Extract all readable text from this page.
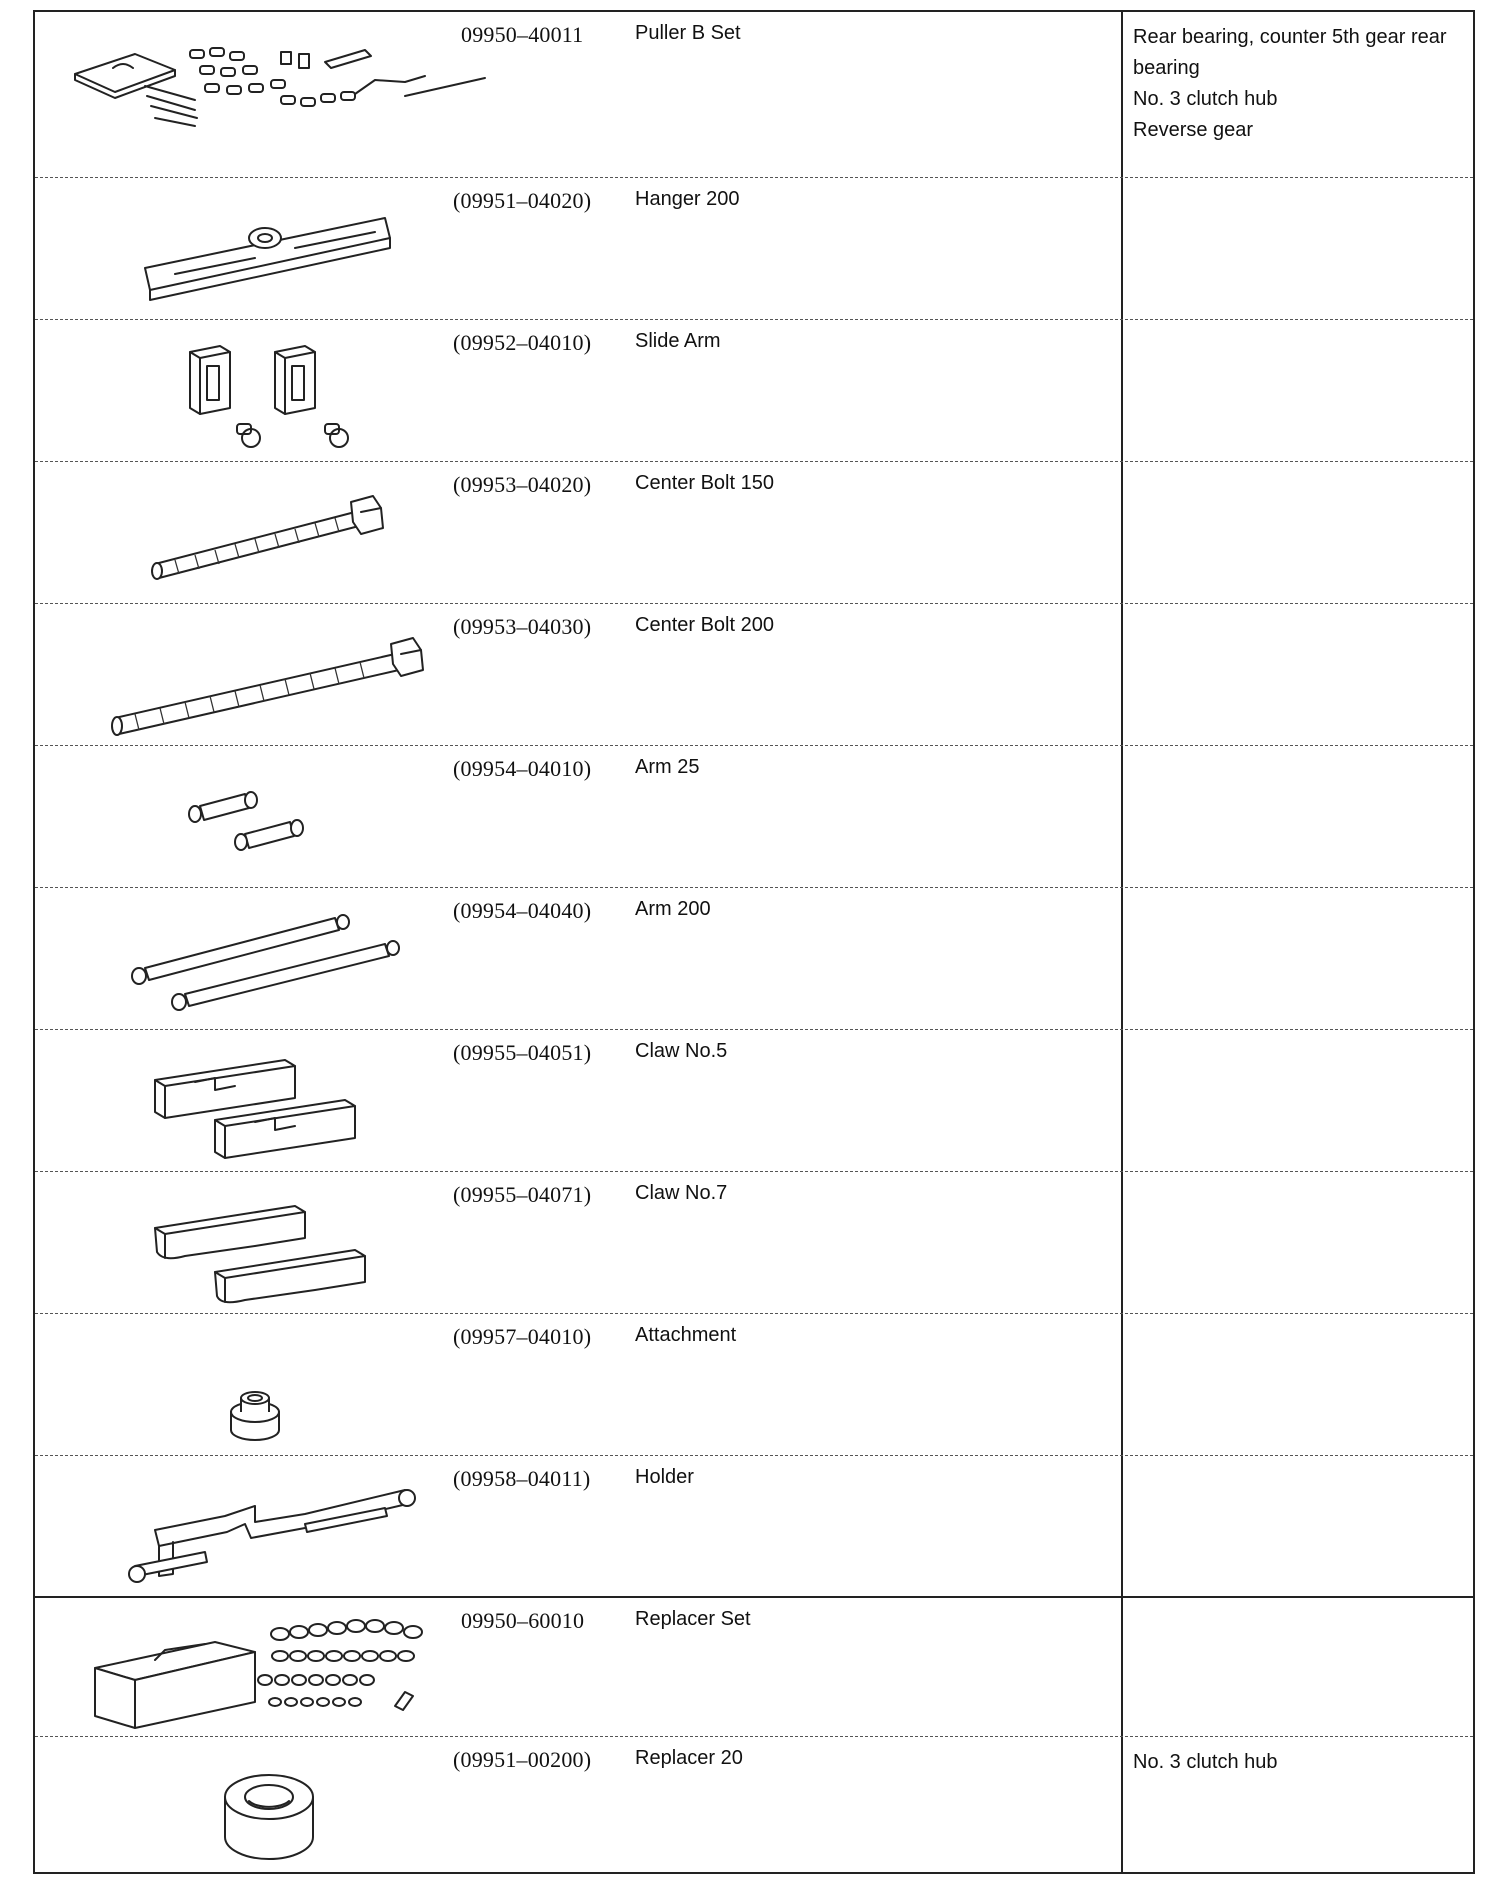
09950–40011	Puller B Set	Rear bearing, counter 5th gear rear bearing
No. 3 clutch hub
Reverse gear
(09951–04020) Hanger 200
(09952–04010) Slide Arm
(09953–04020) Center Bolt 150
(09953–04030) Center Bolt 200
(09954–04010) Arm 25
(09954–04040) Arm 200
(09955–04051) Claw No.5
(09955–04071) Claw No.7
(09957–04010) Attachment
(09958–04011) Holder
09950–60010	Replacer Set
(09951–00200) Replacer 20	No. 3 clutch hub
